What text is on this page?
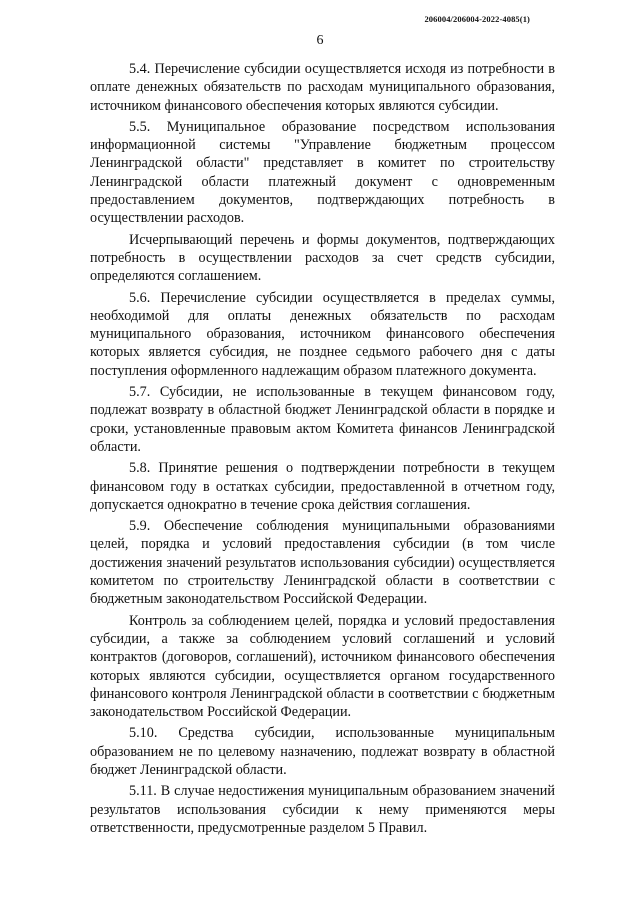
206004/206004-2022-4085(1)
6

5.4. Перечисление субсидии осуществляется исходя из потребности в оплате денежных обязательств по расходам муниципального образования, источником финансового обеспечения которых являются субсидии.

5.5. Муниципальное образование посредством использования информационной системы "Управление бюджетным процессом Ленинградской области" представляет в комитет по строительству Ленинградской области платежный документ с одновременным предоставлением документов, подтверждающих потребность в осуществлении расходов.

Исчерпывающий перечень и формы документов, подтверждающих потребность в осуществлении расходов за счет средств субсидии, определяются соглашением.

5.6. Перечисление субсидии осуществляется в пределах суммы, необходимой для оплаты денежных обязательств по расходам муниципального образования, источником финансового обеспечения которых является субсидия, не позднее седьмого рабочего дня с даты поступления оформленного надлежащим образом платежного документа.

5.7. Субсидии, не использованные в текущем финансовом году, подлежат возврату в областной бюджет Ленинградской области в порядке и сроки, установленные правовым актом Комитета финансов Ленинградской области.

5.8. Принятие решения о подтверждении потребности в текущем финансовом году в остатках субсидии, предоставленной в отчетном году, допускается однократно в течение срока действия соглашения.

5.9. Обеспечение соблюдения муниципальными образованиями целей, порядка и условий предоставления субсидии (в том числе достижения значений результатов использования субсидии) осуществляется комитетом по строительству Ленинградской области в соответствии с бюджетным законодательством Российской Федерации.

Контроль за соблюдением целей, порядка и условий предоставления субсидии, а также за соблюдением условий соглашений и условий контрактов (договоров, соглашений), источником финансового обеспечения которых являются субсидии, осуществляется органом государственного финансового контроля Ленинградской области в соответствии с бюджетным законодательством Российской Федерации.

5.10. Средства субсидии, использованные муниципальным образованием не по целевому назначению, подлежат возврату в областной бюджет Ленинградской области.

5.11. В случае недостижения муниципальным образованием значений результатов использования субсидии к нему применяются меры ответственности, предусмотренные разделом 5 Правил.
